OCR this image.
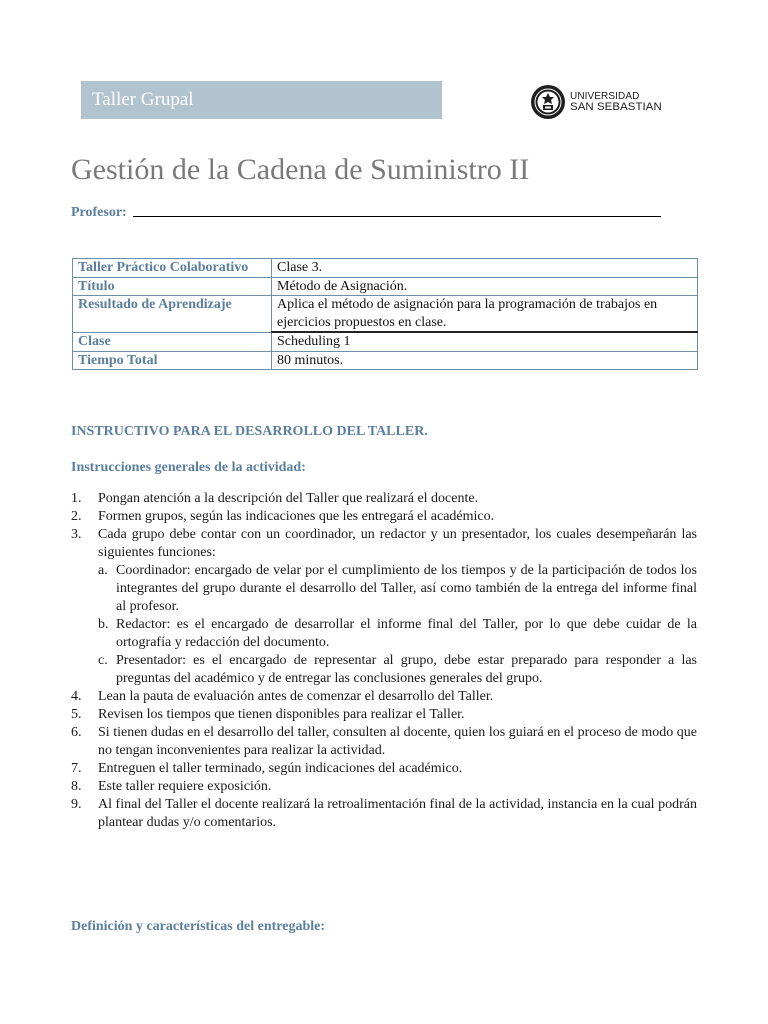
Taller Grupal	UNIVERSIDAD
SAN SEBASTIAN
Gestión de la Cadena de Suministro II
Profesor:
Taller Práctico Colaborativo	Clase 3.
Título	Método de Asignación.
Resultado de Aprendizaje	Aplica el método de asignación para la programación de trabajos en ejercicios propuestos en clase.
Clase	Scheduling 1
Tiempo Total	80 minutos.
INSTRUCTIVO PARA EL DESARROLLO DEL TALLER.
Instrucciones generales de la actividad:
1. Pongan atención a la descripción del Taller que realizará el docente.
2. Formen grupos, según las indicaciones que les entregará el académico.
3. Cada grupo debe contar con un coordinador, un redactor y un presentador, los cuales desempeñarán las siguientes funciones:
a. Coordinador: encargado de velar por el cumplimiento de los tiempos y de la participación de todos los integrantes del grupo durante el desarrollo del Taller, así como también de la entrega del informe final al profesor.
b. Redactor: es el encargado de desarrollar el informe final del Taller, por lo que debe cuidar de la ortografía y redacción del documento.
c. Presentador: es el encargado de representar al grupo, debe estar preparado para responder a las preguntas del académico y de entregar las conclusiones generales del grupo.
4. Lean la pauta de evaluación antes de comenzar el desarrollo del Taller.
5. Revisen los tiempos que tienen disponibles para realizar el Taller.
6. Si tienen dudas en el desarrollo del taller, consulten al docente, quien los guiará en el proceso de modo que no tengan inconvenientes para realizar la actividad.
7. Entreguen el taller terminado, según indicaciones del académico.
8. Este taller requiere exposición.
9. Al final del Taller el docente realizará la retroalimentación final de la actividad, instancia en la cual podrán plantear dudas y/o comentarios.
Definición y características del entregable:
